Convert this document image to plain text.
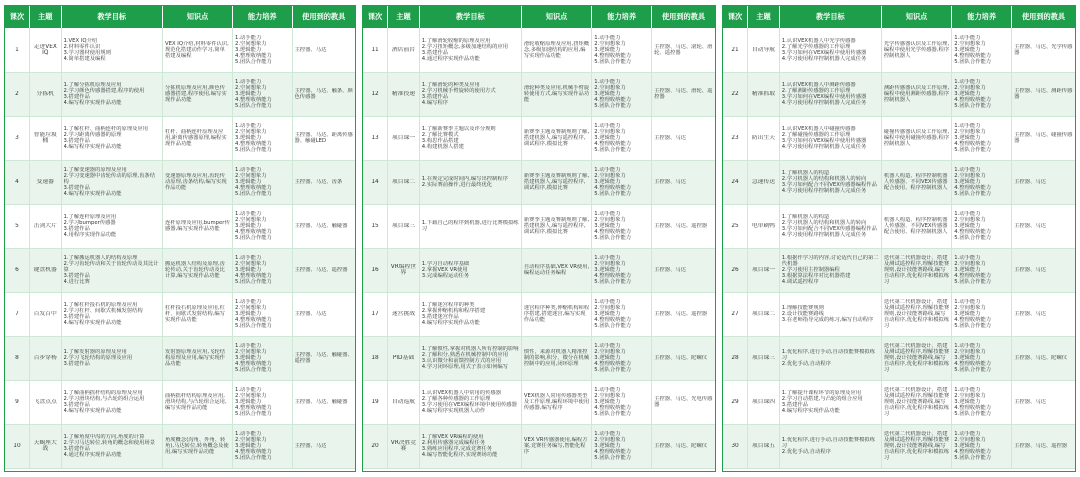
课次	主题	教学目标	知识点	能力培养	使用到的教具

1	走进VEX IQ	1.VEX IQ介绍
2.材料零件认识
3.学习器材使用规则
4.简单搭建及编程	VEX IQ介绍,材料零件认识,规范化搭建动作学习,简单搭建及编程	1.动手能力
2.空间想象力
3.逻辑能力
4.整理收纳能力
5.团队合作能力	主控器、马达

2	分拣机	1.了解分拣机原理及应用
2.学习颜色传感器搭建,程序的使用
3.搭建作品
4.编写程序实现作品功能	分拣机原理及应用,颜色传感器搭建,程序使用,编写实现作品功能	1.动手能力
2.空间想象力
3.逻辑能力
4.整理收纳能力
5.团队合作能力	主控器、马达、触条、颜色传感器

3	智能垃圾桶	1.了解杠杆、曲柄连杆的原理及应用
2.学习距离传感器的原理
3.搭建作品
4.编写程序实现作品功能	杠杆、曲柄连杆原理及应用,距离传感器原理,编程实现作品功能	1.动手能力
2.空间想象力
3.逻辑能力
4.整理收纳能力
5.团队合作能力	主控器、马达、距离传感器、触碰LED

4	变速器	1.了解变速器的原理及应用
2.学习变速器中齿轮传动的原理,齿条结构
3.搭建作品
4.编写程序实现作品功能	变速器原理及应用,齿轮传动原理,齿条结构,编写实现作品功能	1.动手能力
2.空间想象力
3.逻辑能力
4.整理收纳能力
5.团队合作能力	主控器、马达、齿条

5	击剑大片	1.了解连杆原理及应用
2.学习bumper传感器
3.搭建作品
4.用程序实现作品功能	连杆原理及应用,bumper传感器,编写实现作品功能	1.动手能力
2.空间想象力
3.逻辑能力
4.整理收纳能力
5.团队合作能力	主控器、马达、触碰器

6	键盘机器	1.了解搬运机器人的结构及原理
2.学习齿轮传动和关于齿轮传动及其比计算
3.搭建作品
4.进行比赛	搬运机器人结构及原理,齿轮传动,关于齿轮传动及比计算,编写实现作品功能	1.动手能力
2.空间想象力
3.逻辑能力
4.整理收纳能力
5.团队合作能力	主控器、马达、遥控器

7	百发百中	1.了解杠杆投石机的原理及应用
2.学习杠杆、间歇式机械发射结构
3.搭建作品
4.编写程序实现作品功能	杠杆投石机原理及应用,杠杆、间歇式发射结构,编写实现作品功能	1.动手能力
2.空间想象力
3.逻辑能力
4.整理收纳能力
5.团队合作能力	主控器、马达

8	百步穿杨	1.了解发射器的原理及应用
2.学习飞轮结构的原理及应用
3.搭建作品	发射器原理及应用,飞轮结构原理及应用,编写实现作品功能	1.动手能力
2.空间想象力
3.逻辑能力
4.整理收纳能力
5.团队合作能力	主控器、马达、触碰器、遥控器

9	飞盘点点	1.了解曲柄摇杆结构的原理及应用
2.学习滑块结构,与凸轮的组合运用
3.搭建作品
4.编写程序实现作品功能	曲柄摇杆结构原理及应用,滑块结构,与凸轮组合运用,编写实现作品功能	1.动手能力
2.空间想象力
3.逻辑能力
4.整理收纳能力
5.团队合作能力	主控器、马达、触碰器

10	天蝎座大战	1.了解角度中沟的方向,角度的计算
2.学习马达转位,转角的概念和使用场景
3.搭建作品
4.通过程序实现作品功能	角度概念(沟角、外角、转角),马达转位,转角概念及使用,编写实现作品功能	1.动手能力
2.空间想象力
3.逻辑能力
4.整理收纳能力
5.团队合作能力	主控器、马达
课次	主题	教学目标	知识点	能力培养	使用到的教具

11	酒店前台	1.了解滑轮收缩的原理及应用
2.学习扭矩概念,多级加速结构的应用
3.搭建作品
4.通过程序实现作品功能	滑轮收缩原理及应用,扭矩概念,多级加速结构的应用,编写实现作品功能	1.动手能力
2.空间想象力
3.逻辑能力
4.整理收纳能力
5.团队合作能力	主控器、马达、滚轮、滑轮、遥控器

12	精准投递	1.了解滑轮的种类及应用
2.学习机械手臂旋转的使用方式
3.搭建作品
4.编写程序	滑轮种类及应用,机械手臂旋转使用方式,编写实现作品功能	1.动手能力
2.空间想象力
3.逻辑能力
4.整理收纳能力
5.团队合作能力	主控器、马达、滑轮、遥控器

13	项目课一	1.了解新赛季主题以及评分规则
2.了解比赛模式
3.构思作品搭建
4.构建机器人搭建	新赛季主题及赛制规则了解,搭建机器人,编写遥控程序,调试程序,模拟比赛	1.动手能力
2.空间想象力
3.逻辑能力
4.整理收纳能力
5.团队合作能力	主控器、马达

14	项目课二	1.在规定完成时间内,编写出控制程序
2.实际赛前操作,进行最终优化	新赛季主题及赛制规则了解,搭建机器人,编写遥控程序,调试程序,模拟比赛	1.动手能力
2.空间想象力
3.逻辑能力
4.整理收纳能力
5.团队合作能力	主控器、马达

15	项目课三	1.下载自己的程序到机器,进行比赛模拟练习	新赛季主题及赛制规则了解,搭建机器人,编写遥控程序,调试程序,模拟比赛	1.动手能力
2.空间想象力
3.逻辑能力
4.整理收纳能力
5.团队合作能力	主控器、马达、遥控器

16	VR编程世界	1.学习自动程序基础
2.掌握VEX VR使用
3.完成编程运动任务	自动程序基础,VEX VR使用,编程运动任务编程	1.动手能力
2.空间想象力
3.逻辑能力
4.整理收纳能力
5.团队合作能力	主控器、马达

17	迷宫挑战	1.了解迷宫程序的种类
2.掌握伸缩机构和程序搭建
3.搭建迷宫作品
4.编写程序实现作品功能	迷宫程序种类,伸缩机构和程序搭建,搭建迷宫,编写实现作品功能	1.动手能力
2.空间想象力
3.逻辑能力
4.整理收纳能力
5.团队合作能力	主控器、马达、遥控器

18	PID基础	1.了解惯性,掌握对机器人所有控制的影响
2.了解积分,熟悉在机械控制中的应用
3.认识微分和前馈控制方式的应用
4.学习闭环原理,用式子表示如何编写	惯性、来源对机器人精准控制的影响,积分、微分在机械控制中的应用,闭环原理	1.动手能力
2.空间想象力
3.逻辑能力
4.整理收纳能力
5.团队合作能力	主控器、马达、陀螺仪

19	自动巡航	1.认识VEX机器人中常用的传感器
2.了解各种传感器的工作原理
3.学习使用在VEX编程环境中使用传感器
4.编写程序实现机器人动作	VEX机器人常用传感器类型及工作原理,编程环境中使用传感器,编写程序	1.动手能力
2.空间想象力
3.逻辑能力
4.整理收纳能力
5.团队合作能力	主控器、马达、光电传感器

20	VR决胜竞赛	1.了解VEX VR编程的使用
2.利用传感器完成编程任务
3.熟练应用程序,完成竞赛任务
4.编写智能化程序,实现赛场功能	VEX VR传感器使用,编程方案,竞赛任务编写,智能化程序	1.动手能力
2.空间想象力
3.逻辑能力
4.整理收纳能力
5.团队合作能力	主控器、马达、陀螺仪
课次	主题	教学目标	知识点	能力培养	使用到的教具

21	自动导航	1.认识VEX机器人中光学传感器
2.了解光学传感器的工作原理
3.学习如何在VEX编程中使用传感器
4.学习使用程序控制机器人完成任务	光学传感器认识及工作原理,编程中使用光学传感器,程序控制机器人	1.动手能力
2.空间想象力
3.逻辑能力
4.整理收纳能力
5.团队合作能力	主控器、马达、光学传感器

22	精准抓取	1.认识VEX机器人中测距传感器
2.了解测距传感器的工作原理
3.学习如何在VEX编程中使用传感器
4.学习使用程序控制机器人完成任务	测距传感器认识及工作原理,编程中使用测距传感器,程序控制机器人	1.动手能力
2.空间想象力
3.逻辑能力
4.整理收纳能力
5.团队合作能力	主控器、马达、测距传感器

23	防出生天	1.认识VEX机器人中碰撞传感器
2.了解碰撞传感器的工作原理
3.学习如何在VEX编程中使用传感器
4.学习使用程序控制机器人完成任务	碰撞传感器认识及工作原理,编程中使用碰撞传感器,程序控制机器人	1.动手能力
2.空间想象力
3.逻辑能力
4.整理收纳能力
5.团队合作能力	主控器、马达、碰撞传感器

24	急速传送	1.了解机器人的构造
2.学习机器人的结构和机器人的转向
3.学习如何配合不同VEX传感器编程作品
4.学习使用程序控制机器人完成任务	机器人构造、程序控制机器人传感器、不同VEX传感器配合使用、程序控制机器人	1.动手能力
2.空间想象力
3.逻辑能力
4.整理收纳能力
5.团队合作能力	主控器、马达

25	电单刷鸭	1.了解机器人的构造
2.学习机器人的结构和机器人的转向
3.学习如何配合不同VEX传感器编程作品
4.学习使用程序控制机器人完成任务	机器人构造、程序控制机器人传感器、不同VEX传感器配合使用、程序控制机器人	1.动手能力
2.空间想象力
3.逻辑能力
4.整理收纳能力
5.团队合作能力	主控器、马达

26	项目课一	1.根据作学习的内容,讨论适代自己的第二代机器
2.学习使用主控制器编程
3.根据算法程序对比机器搭建
4.调试遥控程序	迭代第二代机器设计、搭建及测试遥控程序,理解技能赛规则,设计技能赛路线,编写自动程序,优化程序和模拟练习	1.动手能力
2.空间想象力
3.逻辑能力
4.整理收纳能力
5.团队合作能力	主控器、马达

27	项目课二	1.理解技能赛规则
2.设计技能赛路线
3.在老师指导完成的练习,编写自动程序	迭代第二代机器设计、搭建及测试遥控程序,理解技能赛规则,设计技能赛路线,编写自动程序,优化程序和模拟练习	1.动手能力
2.空间想象力
3.逻辑能力
4.整理收纳能力
5.团队合作能力	主控器、马达

28	项目课三	1.优化程序,进行手动,自动技能赛模拟练习
2.优化手动,自动程序	迭代第二代机器设计、搭建及测试遥控程序,理解技能赛规则,设计技能赛路线,编写自动程序,优化程序和模拟练习	1.动手能力
2.空间想象力
3.逻辑能力
4.整理收纳能力
5.团队合作能力	主控器、马达、陀螺仪

29	项目课四	1.了解提升课程环节的原理及应用
2.学习自动搭建,与凸轮的组合应用
3.搭建作品
4.编写程序实现作品功能	迭代第二代机器设计、搭建及测试遥控程序,理解技能赛规则,设计技能赛路线,编写自动程序,优化程序和模拟练习	1.动手能力
2.空间想象力
3.逻辑能力
4.整理收纳能力
5.团队合作能力	主控器、马达

30	项目课五	1.优化程序,进行手动,自动技能赛模拟练习
2.优化手动,自动程序	迭代第二代机器设计、搭建及测试遥控程序,理解技能赛规则,设计技能赛路线,编写自动程序,优化程序和模拟练习	1.动手能力
2.空间想象力
3.逻辑能力
4.整理收纳能力
5.团队合作能力	主控器、马达、遥控器
